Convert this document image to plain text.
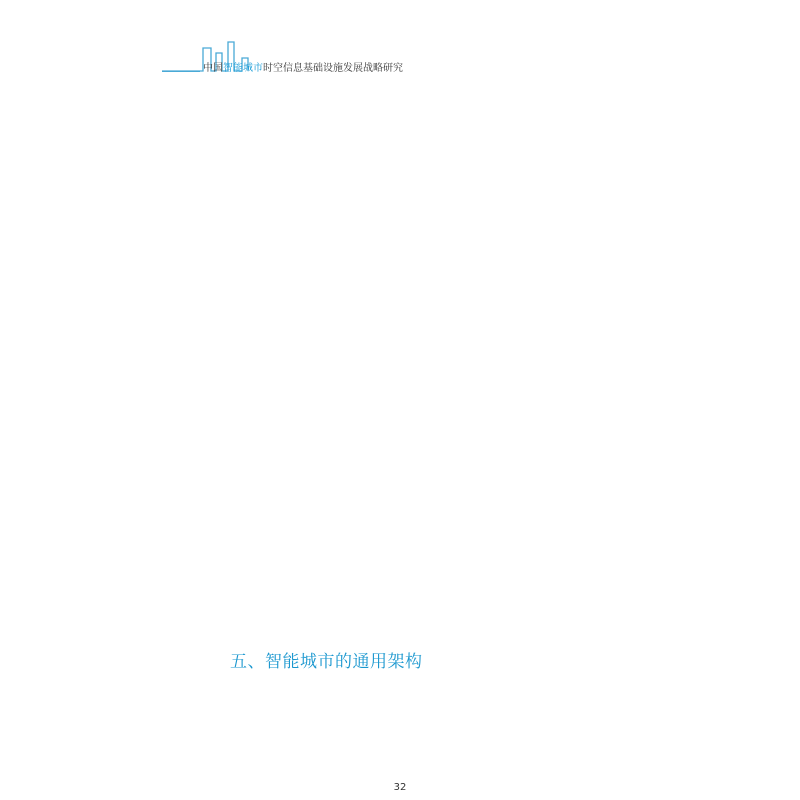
中国智能城市时空信息基础设施发展战略研究
五、智能城市的通用架构
32
